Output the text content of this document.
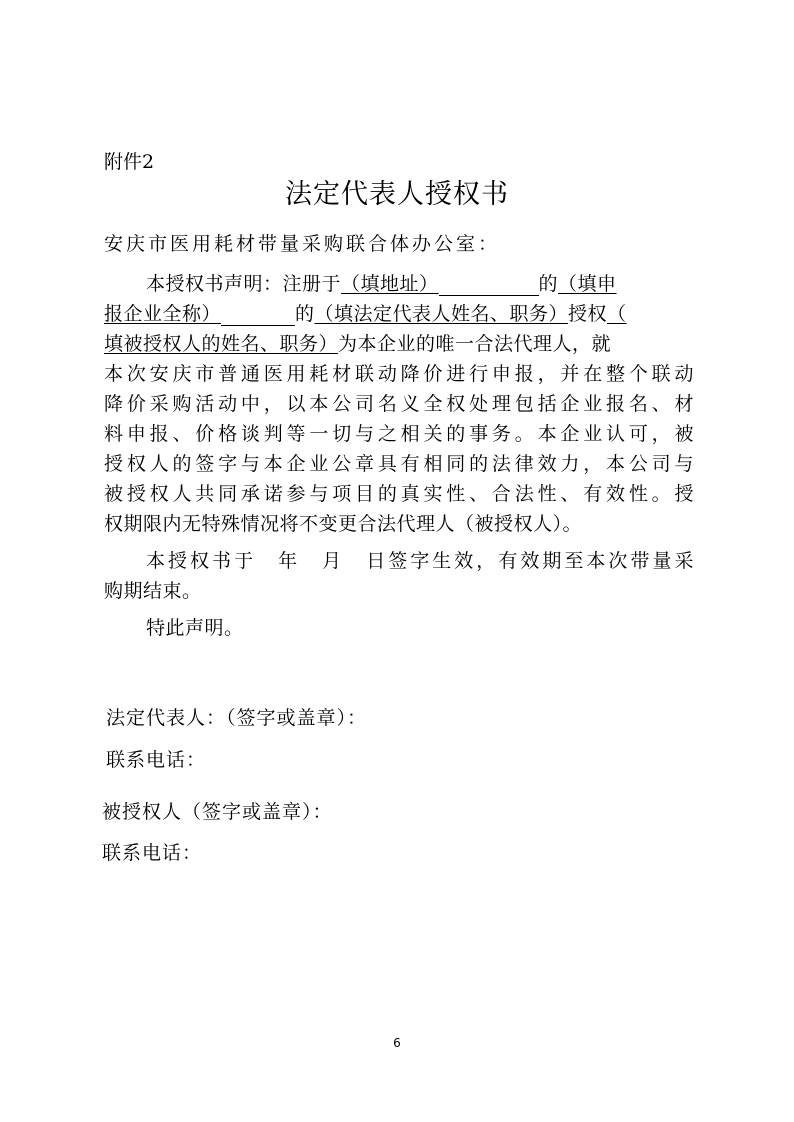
附件2
法定代表人授权书
安庆市医用耗材带量采购联合体办公室：
本授权书声明：注册于（填地址）	的（填申
报企业全称）	的（填法定代表人姓名、职务）授权（
填被授权人的姓名、职务）为本企业的唯一合法代理人，就
本次安庆市普通医用耗材联动降价进行申报，并在整个联动
降价采购活动中，以本公司名义全权处理包括企业报名、材
料申报、价格谈判等一切与之相关的事务。本企业认可，被
授权人的签字与本企业公章具有相同的法律效力，本公司与
被授权人共同承诺参与项目的真实性、合法性、有效性。授
权期限内无特殊情况将不变更合法代理人（被授权人）。
本授权书于　年　月　日签字生效，有效期至本次带量采
购期结束。
特此声明。
法定代表人：（签字或盖章）：
联系电话：
被授权人（签字或盖章）：
联系电话：
6
